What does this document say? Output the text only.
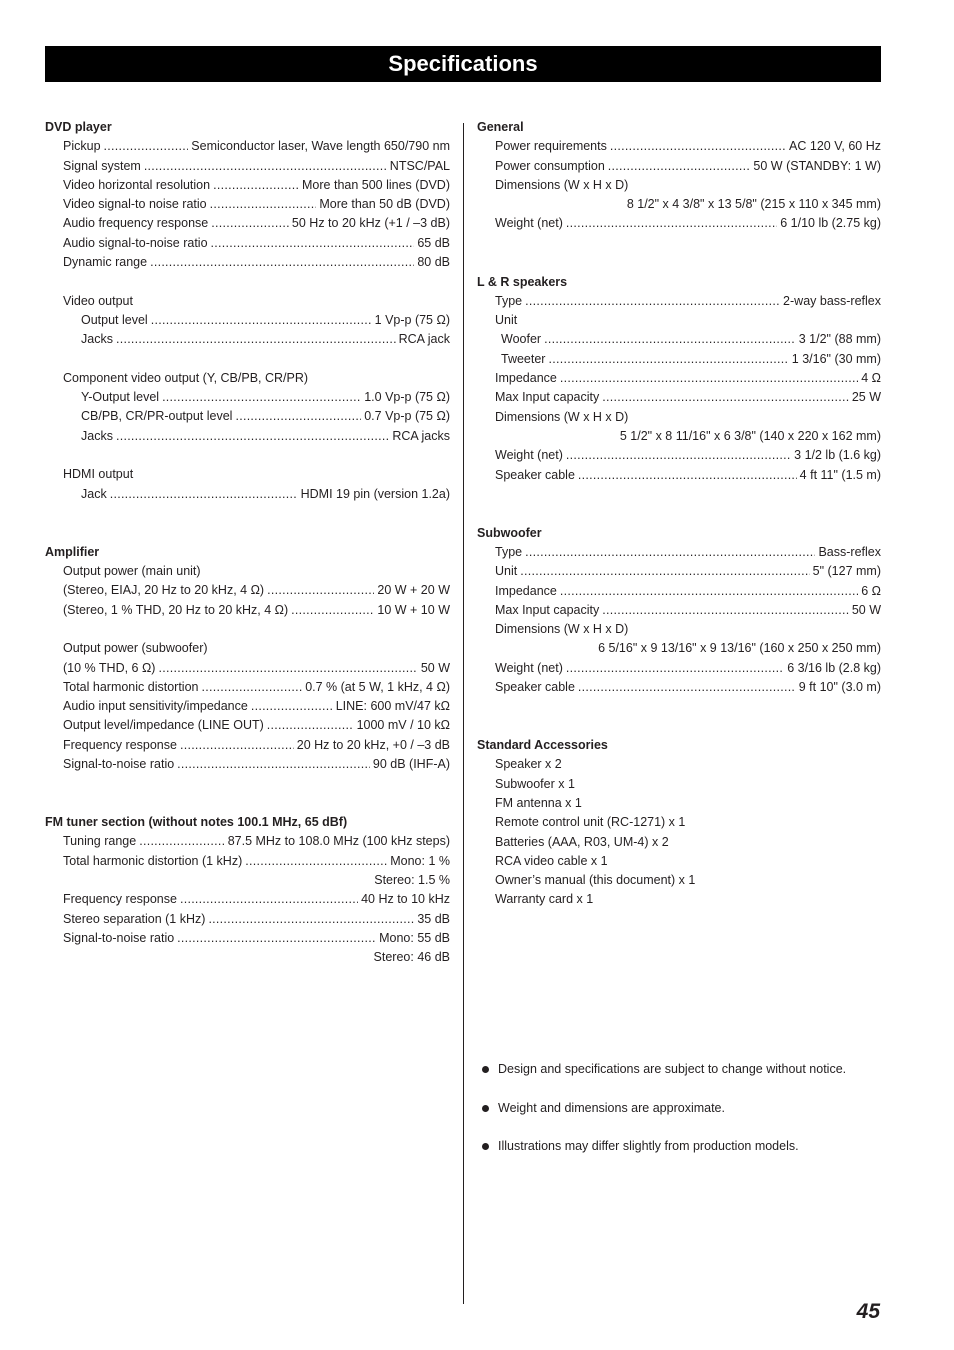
Specifications
DVD player
Pickup . . .	Semiconductor laser, Wave length 650/790 nm
Signal system . . .	NTSC/PAL
Video horizontal resolution . . .	More than 500 lines (DVD)
Video signal-to noise ratio . . .	More than 50 dB (DVD)
Audio frequency response . . .	50 Hz to 20 kHz (+1 / –3 dB)
Audio signal-to-noise ratio . . .	65 dB
Dynamic range . . .	80 dB
Video output
Output level . . .	1 Vp-p (75 Ω)
Jacks . . .	RCA jack
Component video output (Y, CB/PB, CR/PR)
Y-Output level . . .	1.0 Vp-p (75 Ω)
CB/PB, CR/PR-output level . . .	0.7 Vp-p (75 Ω)
Jacks . . .	RCA jacks
HDMI output
Jack . . .	HDMI 19 pin (version 1.2a)
Amplifier
Output power (main unit)
(Stereo, EIAJ, 20 Hz to 20 kHz, 4 Ω) . . .	20 W + 20 W
(Stereo, 1 % THD, 20 Hz to 20 kHz, 4 Ω) . . .	10 W + 10 W
Output power (subwoofer)
(10 % THD, 6 Ω) . . .	50 W
Total harmonic distortion . . .	0.7 % (at 5 W, 1 kHz, 4 Ω)
Audio input sensitivity/impedance . . .	LINE: 600 mV/47 kΩ
Output level/impedance (LINE OUT) . . .	1000 mV / 10 kΩ
Frequency response . . .	20 Hz to 20 kHz, +0 / –3 dB
Signal-to-noise ratio . . .	90 dB (IHF-A)
FM tuner section (without notes 100.1 MHz, 65 dBf)
Tuning range . . .	87.5 MHz to 108.0 MHz (100 kHz steps)
Total harmonic distortion (1 kHz) . . .	Mono: 1 %
Stereo: 1.5 %
Frequency response . . .	40 Hz to 10 kHz
Stereo separation (1 kHz) . . .	35 dB
Signal-to-noise ratio . . .	Mono: 55 dB
Stereo: 46 dB
General
Power requirements . . .	AC 120 V, 60 Hz
Power consumption . . .	50 W (STANDBY: 1 W)
Dimensions (W x H x D)
8 1/2" x 4 3/8" x 13 5/8" (215 x 110 x 345 mm)
Weight (net) . . .	6 1/10 lb (2.75 kg)
L & R speakers
Type . . .	2-way bass-reflex
Unit
Woofer . . .	3 1/2" (88 mm)
Tweeter . . .	1 3/16" (30 mm)
Impedance . . .	4 Ω
Max Input capacity . . .	25 W
Dimensions (W x H x D)
5 1/2" x 8 11/16" x 6 3/8" (140 x 220 x 162 mm)
Weight (net) . . .	3 1/2 lb (1.6 kg)
Speaker cable . . .	4 ft 11" (1.5 m)
Subwoofer
Type . . .	Bass-reflex
Unit . . .	5" (127 mm)
Impedance . . .	6 Ω
Max Input capacity . . .	50 W
Dimensions (W x H x D)
6 5/16" x 9 13/16" x 9 13/16" (160 x 250 x 250 mm)
Weight (net) . . .	6 3/16 lb (2.8 kg)
Speaker cable . . .	9 ft 10" (3.0 m)
Standard Accessories
Speaker x 2
Subwoofer x 1
FM antenna x 1
Remote control unit (RC-1271) x 1
Batteries (AAA, R03, UM-4) x 2
RCA video cable x 1
Owner’s manual (this document) x 1
Warranty card x 1
Design and specifications are subject to change without notice.
Weight and dimensions are approximate.
Illustrations may differ slightly from production models.
45
